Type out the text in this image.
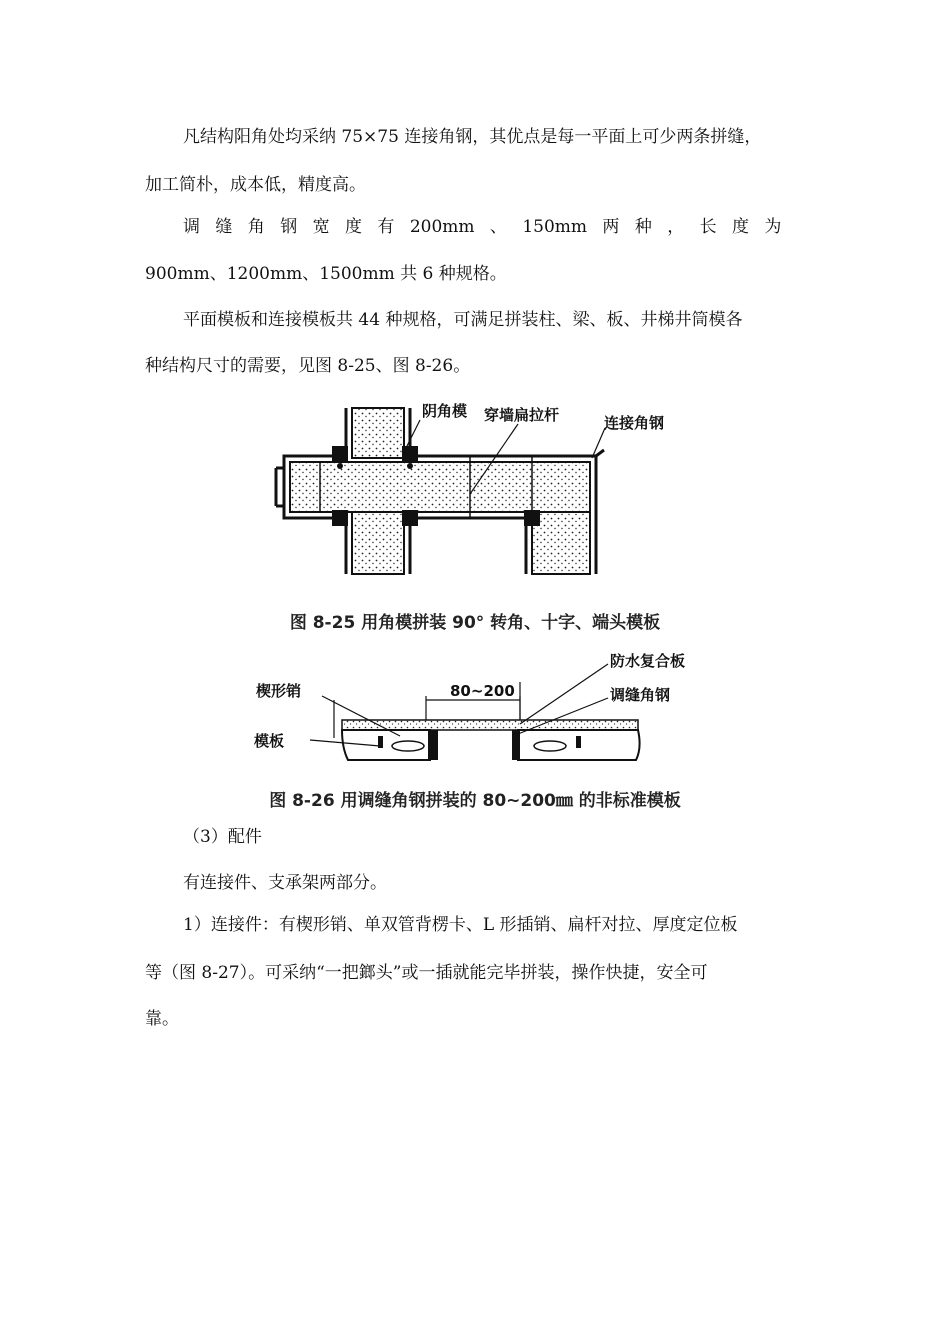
凡结构阳角处均采纳 75×75 连接角钢，其优点是每一平面上可少两条拼缝，
加工简朴，成本低，精度高。
调 缝 角 钢 宽 度 有 200mm 、 150mm 两 种 ， 长 度 为
900mm、1200mm、1500mm 共 6 种规格。
平面模板和连接模板共 44 种规格，可满足拼装柱、梁、板、井梯井筒模各
种结构尺寸的需要，见图 8-25、图 8-26。
阴角模 穿墙扁拉杆	连接角钢
图 8-25 用角模拼装 90° 转角、十字、端头模板
80~200
楔形销
防水复合板
调缝角钢
模板
图 8-26 用调缝角钢拼装的 80~200㎜ 的非标准模板
（3）配件
有连接件、支承架两部分。
1）连接件：有楔形销、单双管背楞卡、L 形插销、扁杆对拉、厚度定位板
等（图 8-27）。可采纳“一把鎯头”或一插就能完毕拼装，操作快捷，安全可
靠。
